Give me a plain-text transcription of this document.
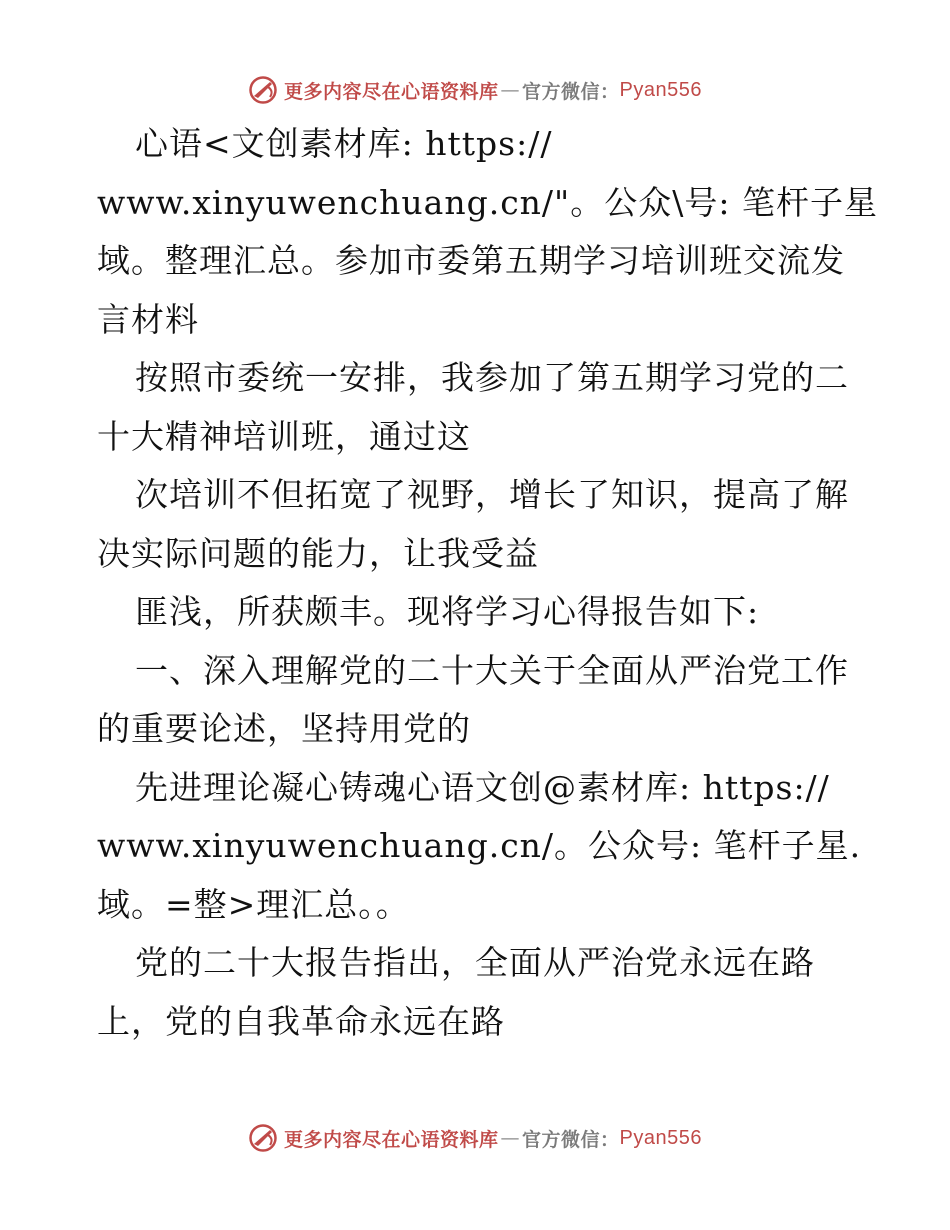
更多内容尽在心语资料库 — 官方微信： Pyan556
心语<文创素材库: https://
www.xinyuwenchuang.cn/"。公众\号: 笔杆子星
域。整理汇总。参加市委第五期学习培训班交流发
言材料
按照市委统一安排，我参加了第五期学习党的二
十大精神培训班，通过这
次培训不但拓宽了视野，增长了知识，提高了解
决实际问题的能力，让我受益
匪浅，所获颇丰。现将学习心得报告如下:
一、深入理解党的二十大关于全面从严治党工作
的重要论述，坚持用党的
先进理论凝心铸魂心语文创@素材库: https://
www.xinyuwenchuang.cn/。公众号: 笔杆子星.
域。=整>理汇总。。
党的二十大报告指出，全面从严治党永远在路
上，党的自我革命永远在路
更多内容尽在心语资料库 — 官方微信： Pyan556
